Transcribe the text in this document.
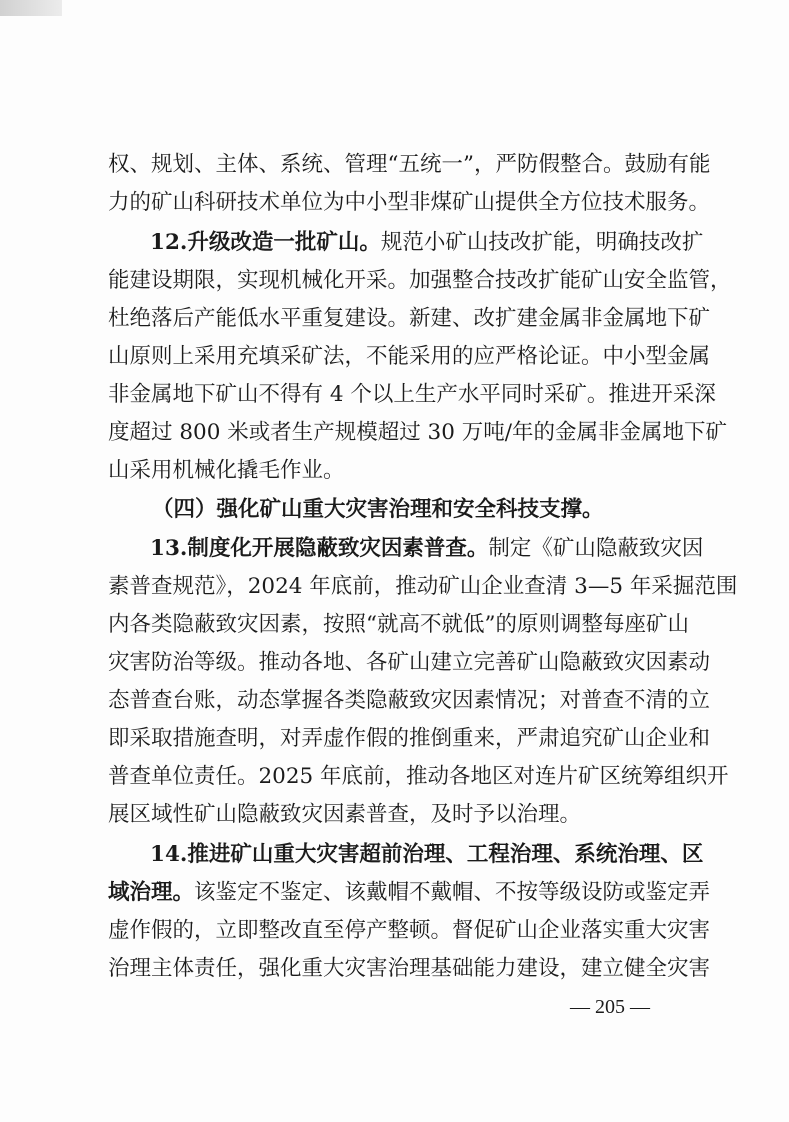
权、规划、主体、系统、管理“五统一”，严防假整合。鼓励有能

力的矿山科研技术单位为中小型非煤矿山提供全方位技术服务。

12.升级改造一批矿山。规范小矿山技改扩能，明确技改扩

能建设期限，实现机械化开采。加强整合技改扩能矿山安全监管，

杜绝落后产能低水平重复建设。新建、改扩建金属非金属地下矿

山原则上采用充填采矿法，不能采用的应严格论证。中小型金属

非金属地下矿山不得有 4 个以上生产水平同时采矿。推进开采深

度超过 800 米或者生产规模超过 30 万吨/年的金属非金属地下矿

山采用机械化撬毛作业。

（四）强化矿山重大灾害治理和安全科技支撑。

13.制度化开展隐蔽致灾因素普查。制定《矿山隐蔽致灾因

素普查规范》，2024 年底前，推动矿山企业查清 3—5 年采掘范围

内各类隐蔽致灾因素，按照“就高不就低”的原则调整每座矿山

灾害防治等级。推动各地、各矿山建立完善矿山隐蔽致灾因素动

态普查台账，动态掌握各类隐蔽致灾因素情况；对普查不清的立

即采取措施查明，对弄虚作假的推倒重来，严肃追究矿山企业和

普查单位责任。2025 年底前，推动各地区对连片矿区统筹组织开

展区域性矿山隐蔽致灾因素普查，及时予以治理。

14.推进矿山重大灾害超前治理、工程治理、系统治理、区

域治理。该鉴定不鉴定、该戴帽不戴帽、不按等级设防或鉴定弄

虚作假的，立即整改直至停产整顿。督促矿山企业落实重大灾害

治理主体责任，强化重大灾害治理基础能力建设，建立健全灾害

— 205 —
